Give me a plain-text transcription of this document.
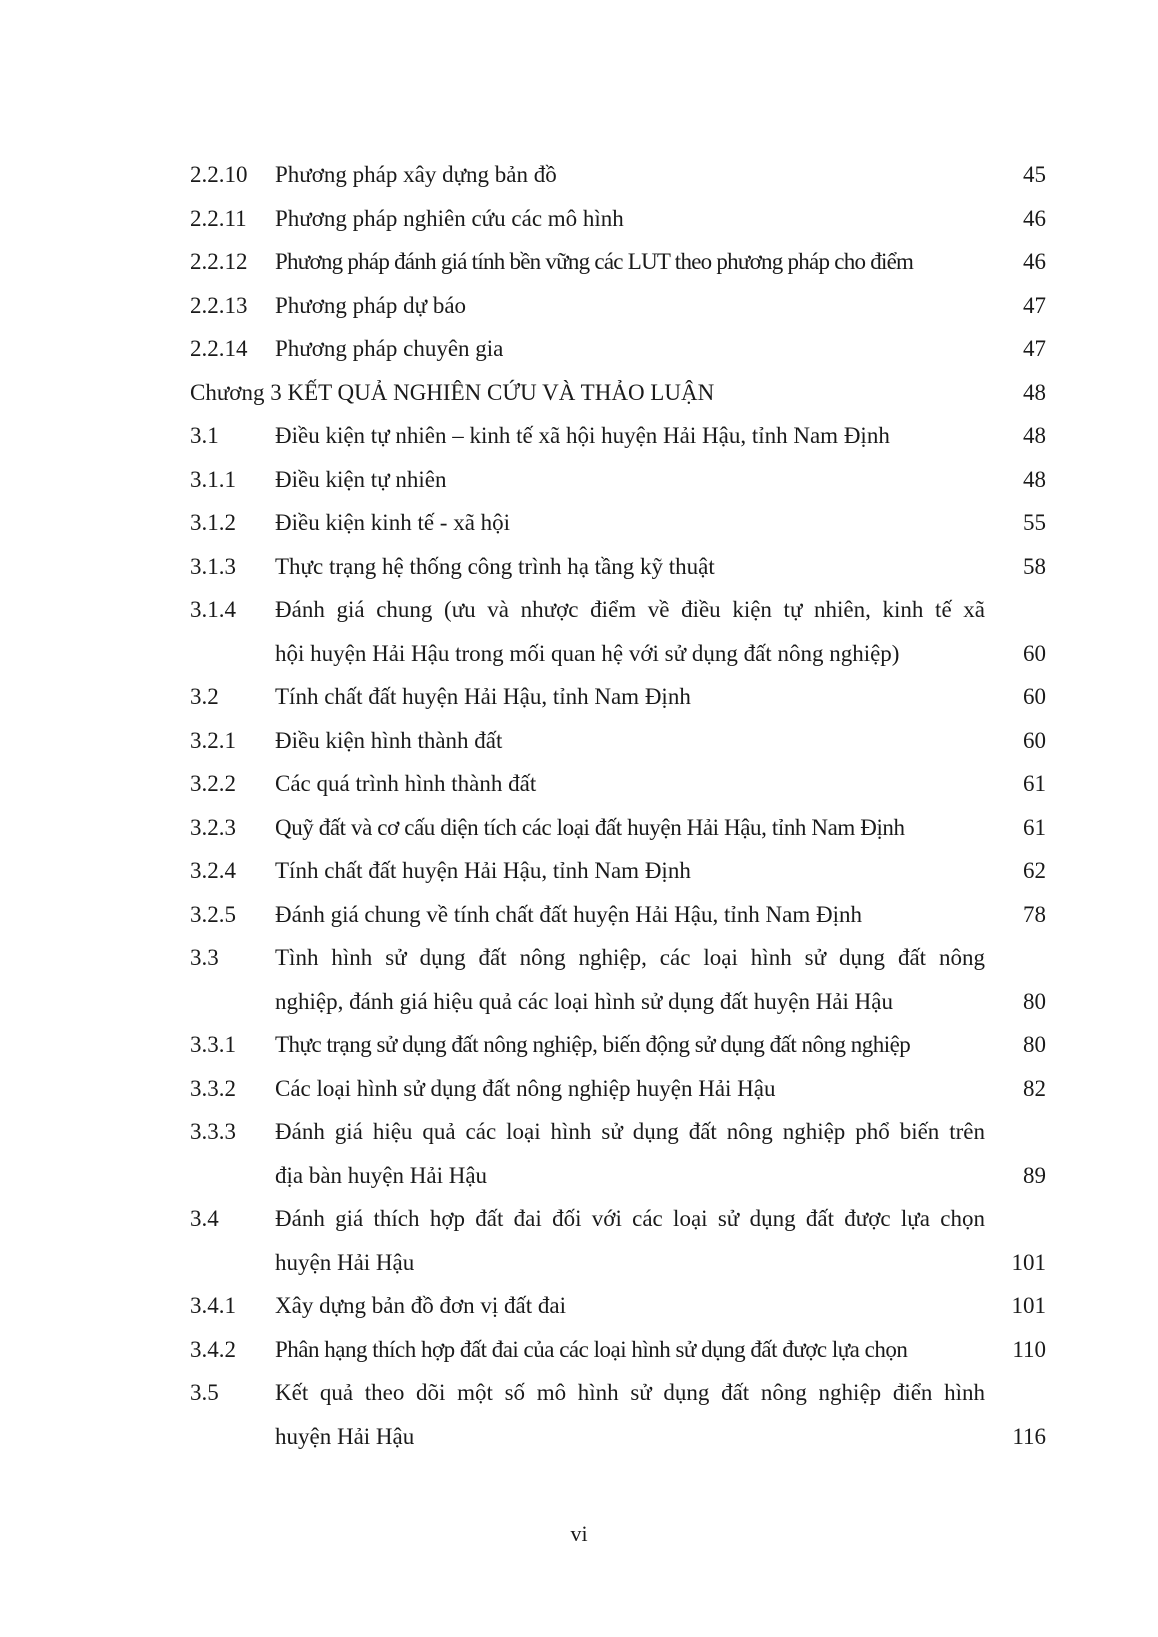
2.2.10 Phương pháp xây dựng bản đồ	45
2.2.11 Phương pháp nghiên cứu các mô hình	46
2.2.12 Phương pháp đánh giá tính bền vững các LUT theo phương pháp cho điểm	46
2.2.13 Phương pháp dự báo	47
2.2.14 Phương pháp chuyên gia	47
Chương 3 KẾT QUẢ NGHIÊN CỨU VÀ THẢO LUẬN	48
3.1 Điều kiện tự nhiên – kinh tế xã hội huyện Hải Hậu, tỉnh Nam Định	48
3.1.1 Điều kiện tự nhiên	48
3.1.2 Điều kiện kinh tế - xã hội	55
3.1.3 Thực trạng hệ thống công trình hạ tầng kỹ thuật	58
3.1.4 Đánh giá chung (ưu và nhược điểm về điều kiện tự nhiên, kinh tế xã
hội huyện Hải Hậu trong mối quan hệ với sử dụng đất nông nghiệp)	60
3.2 Tính chất đất huyện Hải Hậu, tỉnh Nam Định	60
3.2.1 Điều kiện hình thành đất	60
3.2.2 Các quá trình hình thành đất	61
3.2.3 Quỹ đất và cơ cấu diện tích các loại đất huyện Hải Hậu, tỉnh Nam Định	61
3.2.4 Tính chất đất huyện Hải Hậu, tỉnh Nam Định	62
3.2.5 Đánh giá chung về tính chất đất huyện Hải Hậu, tỉnh Nam Định	78
3.3 Tình hình sử dụng đất nông nghiệp, các loại hình sử dụng đất nông
nghiệp, đánh giá hiệu quả các loại hình sử dụng đất huyện Hải Hậu	80
3.3.1 Thực trạng sử dụng đất nông nghiệp, biến động sử dụng đất nông nghiệp	80
3.3.2 Các loại hình sử dụng đất nông nghiệp huyện Hải Hậu	82
3.3.3 Đánh giá hiệu quả các loại hình sử dụng đất nông nghiệp phổ biến trên
địa bàn huyện Hải Hậu	89
3.4 Đánh giá thích hợp đất đai đối với các loại sử dụng đất được lựa chọn
huyện Hải Hậu	101
3.4.1 Xây dựng bản đồ đơn vị đất đai	101
3.4.2 Phân hạng thích hợp đất đai của các loại hình sử dụng đất được lựa chọn	110
3.5 Kết quả theo dõi một số mô hình sử dụng đất nông nghiệp điển hình
huyện Hải Hậu	116
vi
